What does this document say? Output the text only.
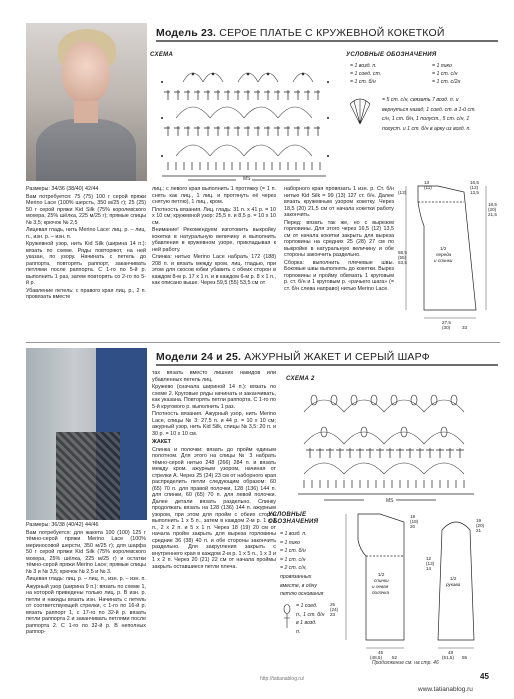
Модель 23. СЕРОЕ ПЛАТЬЕ С КРУЖЕВНОЙ КОКЕТКОЙ
СХЕМА	УСЛОВНЫЕ ОБОЗНАЧЕНИЯ
МS
= 1 возд. п.
= 1 соед. ст.
= 1 ст. б/н
= 1 пико
= 1 ст. с/н
= 1 ст. с/2н
= 5 ст. с/н, связать 7 возд. п. и
вернуться назад, 1 соед. ст. в 1-й ст.
с/н, 1 ст. б/н, 1 полуст., 5 ст. с/н, 1
полуст. и 1 ст. б/н в арку из возд. п.

Размеры: 34/36 (38/40) 42/44

Вам потребуется: 75 (75) 100 г серой пряжи Merino Lace (100% шерсть, 350 м/25 г); 25 (25) 50 г серой пряжи Kid Silk (75% королевского мохера, 25% шёлка, 225 м/25 г); прямые спицы № 3,5; крючок № 2,5

Лицевая гладь, нить Merino Lace: лиц. р. – лиц. п., изн. р. – изн. п.

Кружевной узор, нить Kid Silk (ширина 14 п.): вязать по схеме. Ряды повторяют, на ней указан, по узору. Начинать с петель до раппорта, повторять раппорт, заканчивать петлями после раппорта. С 1-го по 5-й р. выполнить 1 раз, затем повторять со 2-го по 5-й р.

Убавление петель: с правого края лиц. р., 2 п. провязать вместе

лиц.; с левого края выполнить 1 протяжку (= 1 п. снять как лиц., 1 лиц. и протянуть её через снятую петлю), 1 лиц., кром.

Плотность вязания. Лиц. гладь: 31 п. x 41 р. = 10 x 10 см; кружевной узор: 25,5 п. и 8,5 р. = 10 x 10 см.

Внимание! Рекомендуем изготовить выкройку кокетки в натуральную величину и выполнить убавления в кружевном узоре, прикладывая к ней работу.

Спинка: нитью Merino Lace набрать 172 (188) 208 п. и вязать между кром. лиц. гладью, при этом для скосов юбки убавить с обеих сторон в каждом 8-м р. 17 x 1 п. и в каждом 6-м р. 8 x 1 п., как описано выше. Через 59,5 (55) 53,5 см от

наборного края провязать 1 изн. р. Ст. б/н нитью Kid Silk = 99 (13) 127 ст. б/н. Далее вязать кружевным узором кокетку. Через 18,5 (20) 21,5 см от начала кокетки работу закончить.

Перед: вязать так же, но с вырезом горловины. Для этого через 16,5 (12) 13,5 см от начала кокетки закрыть для выреза горловины на средних 25 (28) 27 см по выкройке в натуральную величину и обе стороны закончить раздельно.

Сборка: выполнить плечевые швы. Боковые швы выполнять до кокетки. Вырез горловины и пройму обвязать 1 круговым р. ст. б/н и 1 круговым р. «рачьего шага» (= ст. б/н слева направо) нитью Merino Lace.

13
(11)
16,5
(12)
13,5
(13)
18,5
(20)
21,5
58,5
(55)
53,5
1/2
переда
и спинки
27,5
(30)	33
Модели 24 и 25. АЖУРНЫЙ ЖАКЕТ И СЕРЫЙ ШАРФ

тах вязать вместо лишних накидов или убавленных петель лиц.

Кружево (сначала шириной 14 п.): вязать по схеме 2. Круговые ряды начинать и заканчивать, как указана. Повторять петли раппорта. С 1-го по 5-й кругового р. выполнить 1 раз.

Плотность вязания. Ажурный узор, нить Merino Lace, спицы № 3: 27,5 п. и 44 р. = 10 x 10 см; ажурный узор, нить Kid Silk, спицы № 3,5: 20 п. и 30 р. = 10 x 10 см.

ЖАКЕТ

Спинка и полочки: вязать до пройм единым полотном. Для этого на спицы № 3 набрать тёмно-серой нитью 248 (266) 284 п. и вязать между кром. ажурным узором, начиная от стрелки А. Через 25 (24) 23 см от наборного края распределить петли следующим образом: 60 (65) 70 п. для правой полочки, 128 (136) 144 п. для спинки, 60 (65) 70 п. для левой полочки. Далее детали вязать раздельно. Спинку продолжать вязать на 128 (136) 144 п. ажурным узором, при этом для пройм с обеих сторон выполнить 1 x 5 п., затем в каждом 2-м р. 1 x 3 п., 2 x 2 п. и 5 x 1 п. Через 18 (19) 20 см от начала пройм закрыть для выреза горловины средние 36 (38) 40 п. и обе стороны закончить раздельно. Для закругления закрыть с внутреннего края в каждом 2-м р. 1 x 5 п., 1 x 3 и 1 x 2 п. Через 20 (21) 22 см от начала проймы закрыть оставшиеся петли плеча.

СХЕМА 2
МS

Размеры: 36/38 (40/42) 44/46

Вам потребуется: для жакета 100 (100) 125 г тёмно-серой пряжи Merino Lace (100% мериносовой шерсти, 350 м/25 г); для шарфа 50 г серой пряжи Kid Silk (75% королевского мохера, 25% шёлка, 225 м/25 г) и остатки тёмно-серой пряжи Merino Lace; прямые спицы № 3 и № 3,5; крючок № 2,5 и № 3.

Лицевая гладь: лиц. р. – лиц. п., изн. р. – изн. п.

Ажурный узор (ширина 9 п.): вязать по схеме 1, на которой приведены только лиц. р. В изн. р. петли и накиды вязать изн. Начинать с петель от соответствующей стрелки, с 1-го по 16-й р. вязать раппорт 1, с 17-го по 32-й р. вязать петли раппорта 2 и заканчивать петлями после раппорта 2. С 1-го по 32-й р. В неполных раппор-

УСЛОВНЫЕ ОБОЗНАЧЕНИЯ
= 1 возд. п.
= 1 пико
= 1 ст. б/н
= 1 ст. с/н
= 2 ст. с/н,
провязанных
вместе, в одну
петлю основания
= 1 соед.
п., 1 ст. б/н
в 1 возд.
п.
18
(19)
20
1/2
спинки
и левая
полочка
25
(24)
23
45
(48,5) 52
19
(20)
21
12
(13)
14
1/2
рукава
48
(51,5) 55
Продолжение см. на стр. 46
http://tatianablog.ru/	45
www.tatianablog.ru
